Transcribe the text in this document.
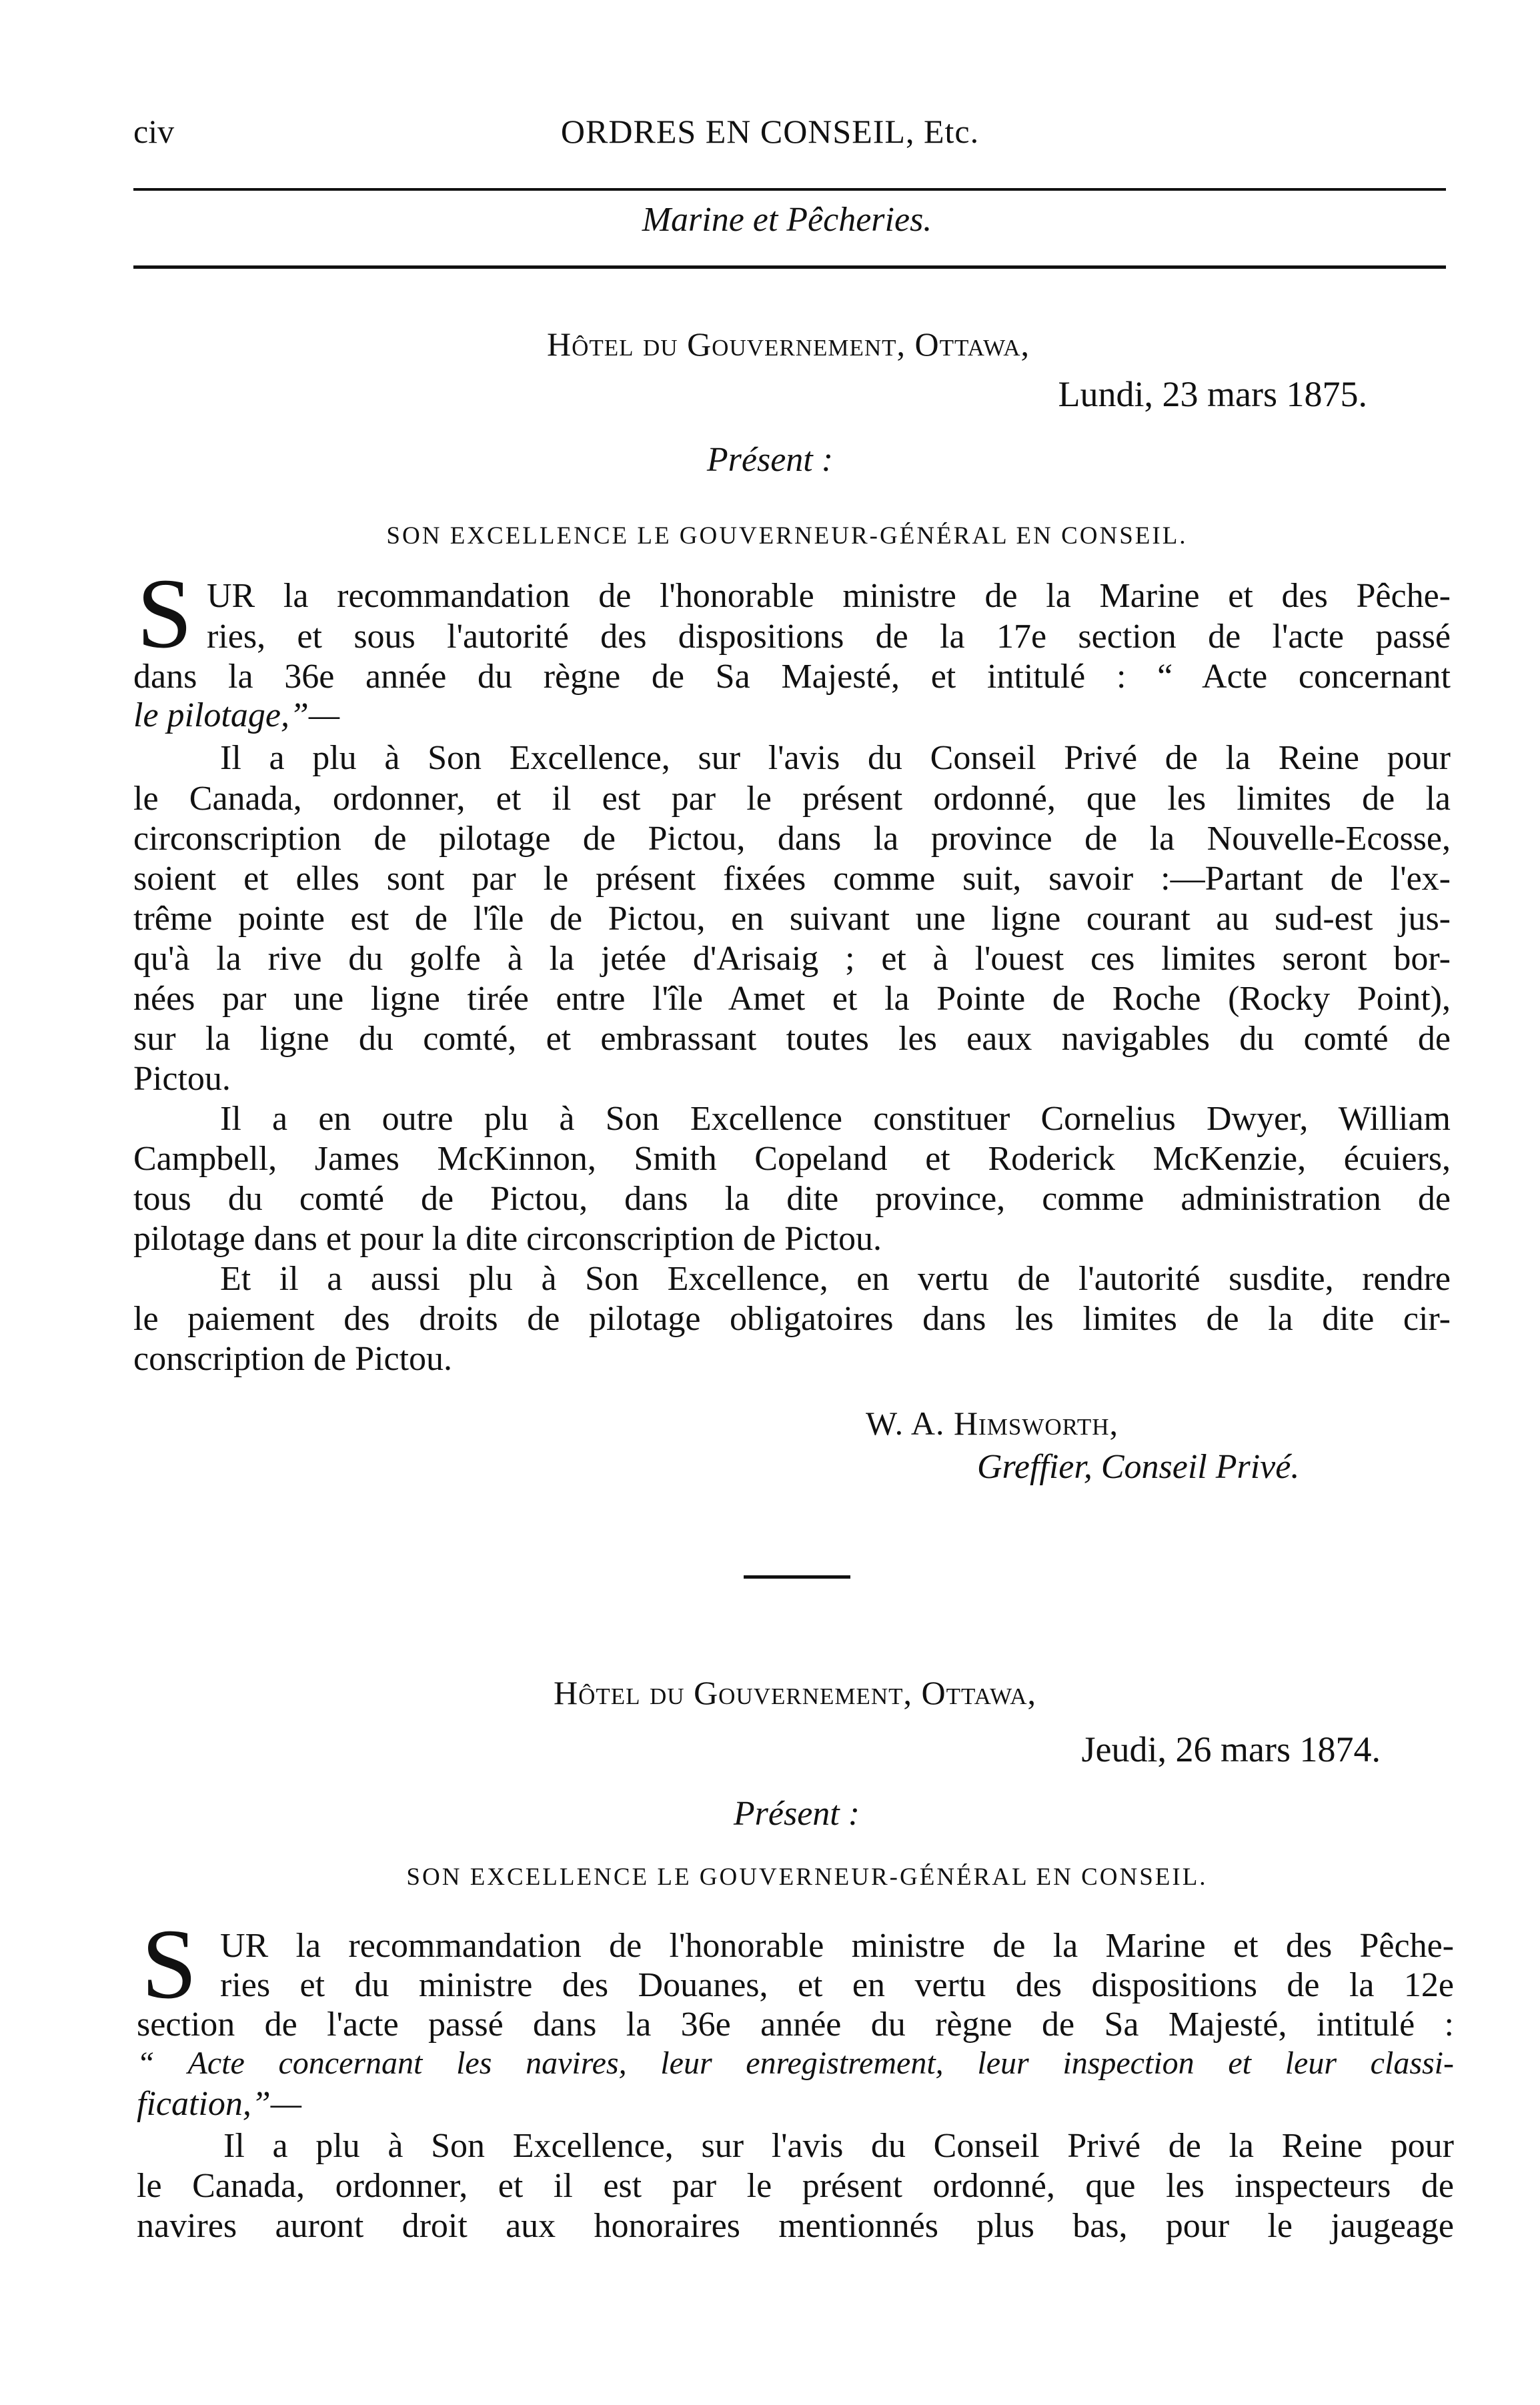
civ	ORDRES EN CONSEIL, Etc.
Marine et Pêcheries.
Hôtel du Gouvernement, Ottawa,
Lundi, 23 mars 1875.
Présent :
SON EXCELLENCE LE GOUVERNEUR-GÉNÉRAL EN CONSEIL.
S UR la recommandation de l'honorable ministre de la Marine et des Pêche-
ries, et sous l'autorité des dispositions de la 17e section de l'acte passé
dans la 36e année du règne de Sa Majesté, et intitulé : “ Acte concernant
le pilotage,”—
Il a plu à Son Excellence, sur l'avis du Conseil Privé de la Reine pour
le Canada, ordonner, et il est par le présent ordonné, que les limites de la
circonscription de pilotage de Pictou, dans la province de la Nouvelle-Ecosse,
soient et elles sont par le présent fixées comme suit, savoir :—Partant de l'ex-
trême pointe est de l'île de Pictou, en suivant une ligne courant au sud-est jus-
qu'à la rive du golfe à la jetée d'Arisaig ; et à l'ouest ces limites seront bor-
nées par une ligne tirée entre l'île Amet et la Pointe de Roche (Rocky Point),
sur la ligne du comté, et embrassant toutes les eaux navigables du comté de
Pictou.
Il a en outre plu à Son Excellence constituer Cornelius Dwyer, William
Campbell, James McKinnon, Smith Copeland et Roderick McKenzie, écuiers,
tous du comté de Pictou, dans la dite province, comme administration de
pilotage dans et pour la dite circonscription de Pictou.
Et il a aussi plu à Son Excellence, en vertu de l'autorité susdite, rendre
le paiement des droits de pilotage obligatoires dans les limites de la dite cir-
conscription de Pictou.
W. A. Himsworth,
Greffier, Conseil Privé.
Hôtel du Gouvernement, Ottawa,
Jeudi, 26 mars 1874.
Présent :
SON EXCELLENCE LE GOUVERNEUR-GÉNÉRAL EN CONSEIL.
S UR la recommandation de l'honorable ministre de la Marine et des Pêche-
ries et du ministre des Douanes, et en vertu des dispositions de la 12e
section de l'acte passé dans la 36e année du règne de Sa Majesté, intitulé :
“ Acte concernant les navires, leur enregistrement, leur inspection et leur classi-
fication,”—
Il a plu à Son Excellence, sur l'avis du Conseil Privé de la Reine pour
le Canada, ordonner, et il est par le présent ordonné, que les inspecteurs de
navires auront droit aux honoraires mentionnés plus bas, pour le jaugeage
